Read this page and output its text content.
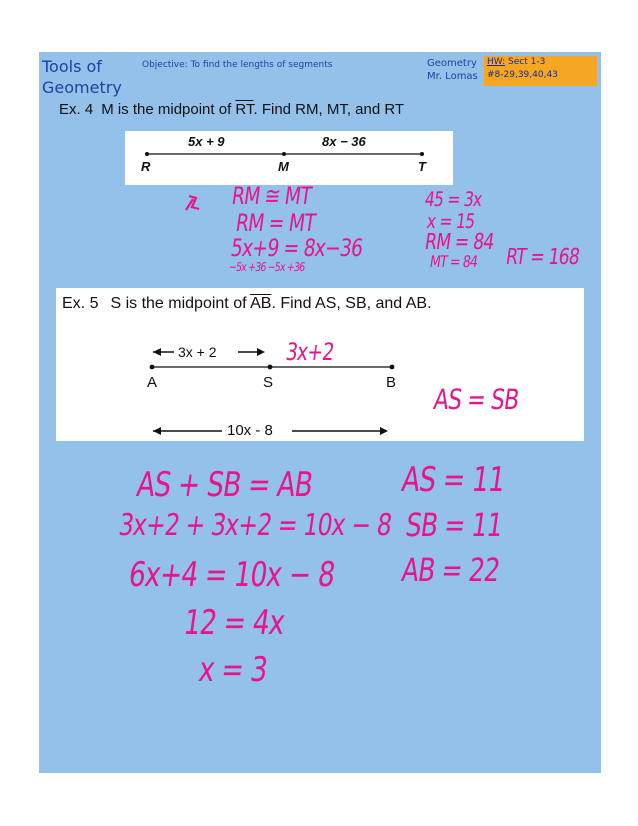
Tools of
Geometry
Objective: To find the lengths of segments	Geometry
Mr. Lomas
HW: Sect 1-3
#8-29,39,40,43
Ex. 4 M is the midpoint of $\overline{RT}$. Find RM, MT, and RT
5x + 9	8x − 36
R	M	T
RM ≅ MT
RM = MT
5x+9 = 8x−36
−5x +36 −5x +36
45 = 3x
x = 15
RM = 84
MT = 84 RT = 168
Ex. 5 S is the midpoint of $\overline{AB}$. Find AS, SB, and AB.
3x + 2
A	S	B
10x - 8
3x+2
AS = SB
AS + SB = AB
3x+2 + 3x+2 = 10x − 8
6x+4 = 10x − 8
12 = 4x
x = 3
AS = 11
SB = 11
AB = 22
